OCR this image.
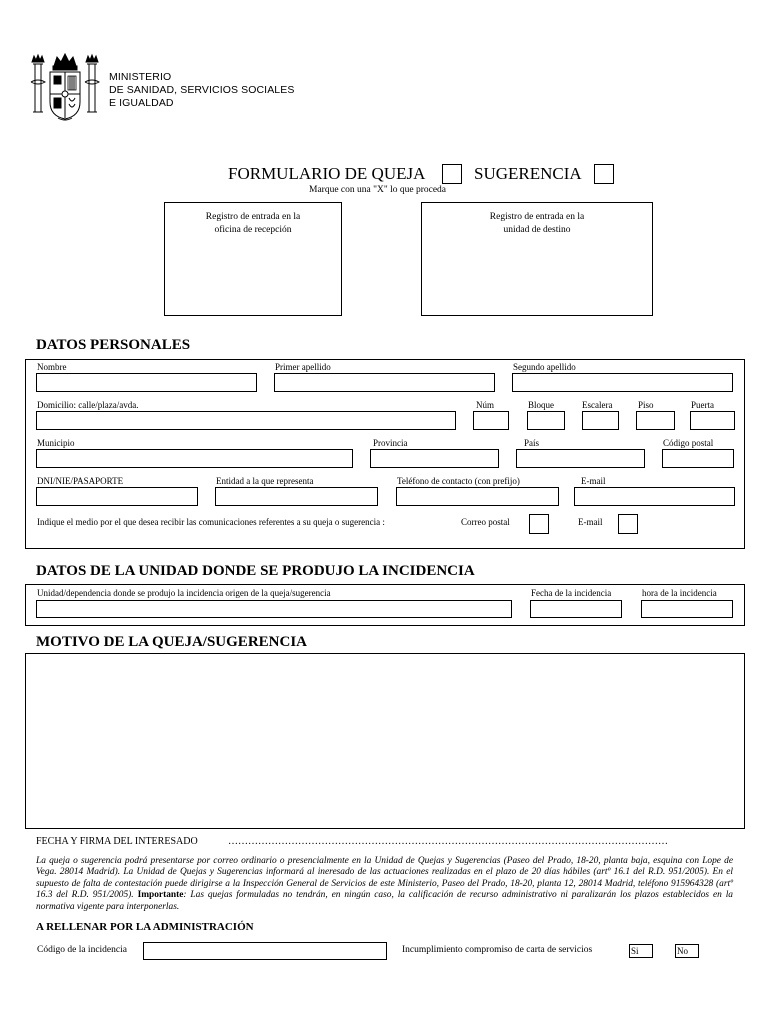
MINISTERIO
DE SANIDAD, SERVICIOS SOCIALES
E IGUALDAD
FORMULARIO DE QUEJA	SUGERENCIA
Marque con una "X" lo que proceda
Registro de entrada en la
oficina de recepción
Registro de entrada en la
unidad de destino
DATOS PERSONALES
Nombre	Primer apellido	Segundo apellido
Domicilio: calle/plaza/avda.	Núm	Bloque	Escalera	Piso	Puerta
Municipio	Provincia	País	Código postal
DNI/NIE/PASAPORTE	Entidad a la que representa	Teléfono de contacto (con prefijo)	E-mail
Indique el medio por el que desea recibir las comunicaciones referentes a su queja o sugerencia :	Correo postal	E-mail
DATOS DE LA UNIDAD DONDE SE PRODUJO LA INCIDENCIA
Unidad/dependencia donde se produjo la incidencia origen de la queja/sugerencia	Fecha de la incidencia	hora de la incidencia
MOTIVO DE LA QUEJA/SUGERENCIA
FECHA Y FIRMA DEL INTERESADO	……………………………………………………………………………………………………………………
La queja o sugerencia podrá presentarse por correo ordinario o presencialmente en la Unidad de Quejas y Sugerencias (Paseo del Prado, 18-20, planta baja, esquina con Lope de Vega. 28014 Madrid). La Unidad de Quejas y Sugerencias informará al ineresado de las actuaciones realizadas en el plazo de 20 días hábiles (artº 16.1 del R.D. 951/2005). En el supuesto de falta de contestación puede dirigirse a la Inspección General de Servicios de este Ministerio, Paseo del Prado, 18-20, planta 12, 28014 Madrid, teléfono 915964328 (artº 16.3 del R.D. 951/2005). Importante: Las quejas formuladas no tendrán, en ningún caso, la calificación de recurso administrativo ni paralizarán los plazos establecidos en la normativa vigente para interponerlas.
A RELLENAR POR LA ADMINISTRACIÓN
Código de la incidencia	Incumplimiento compromiso de carta de servicios	Si	No
